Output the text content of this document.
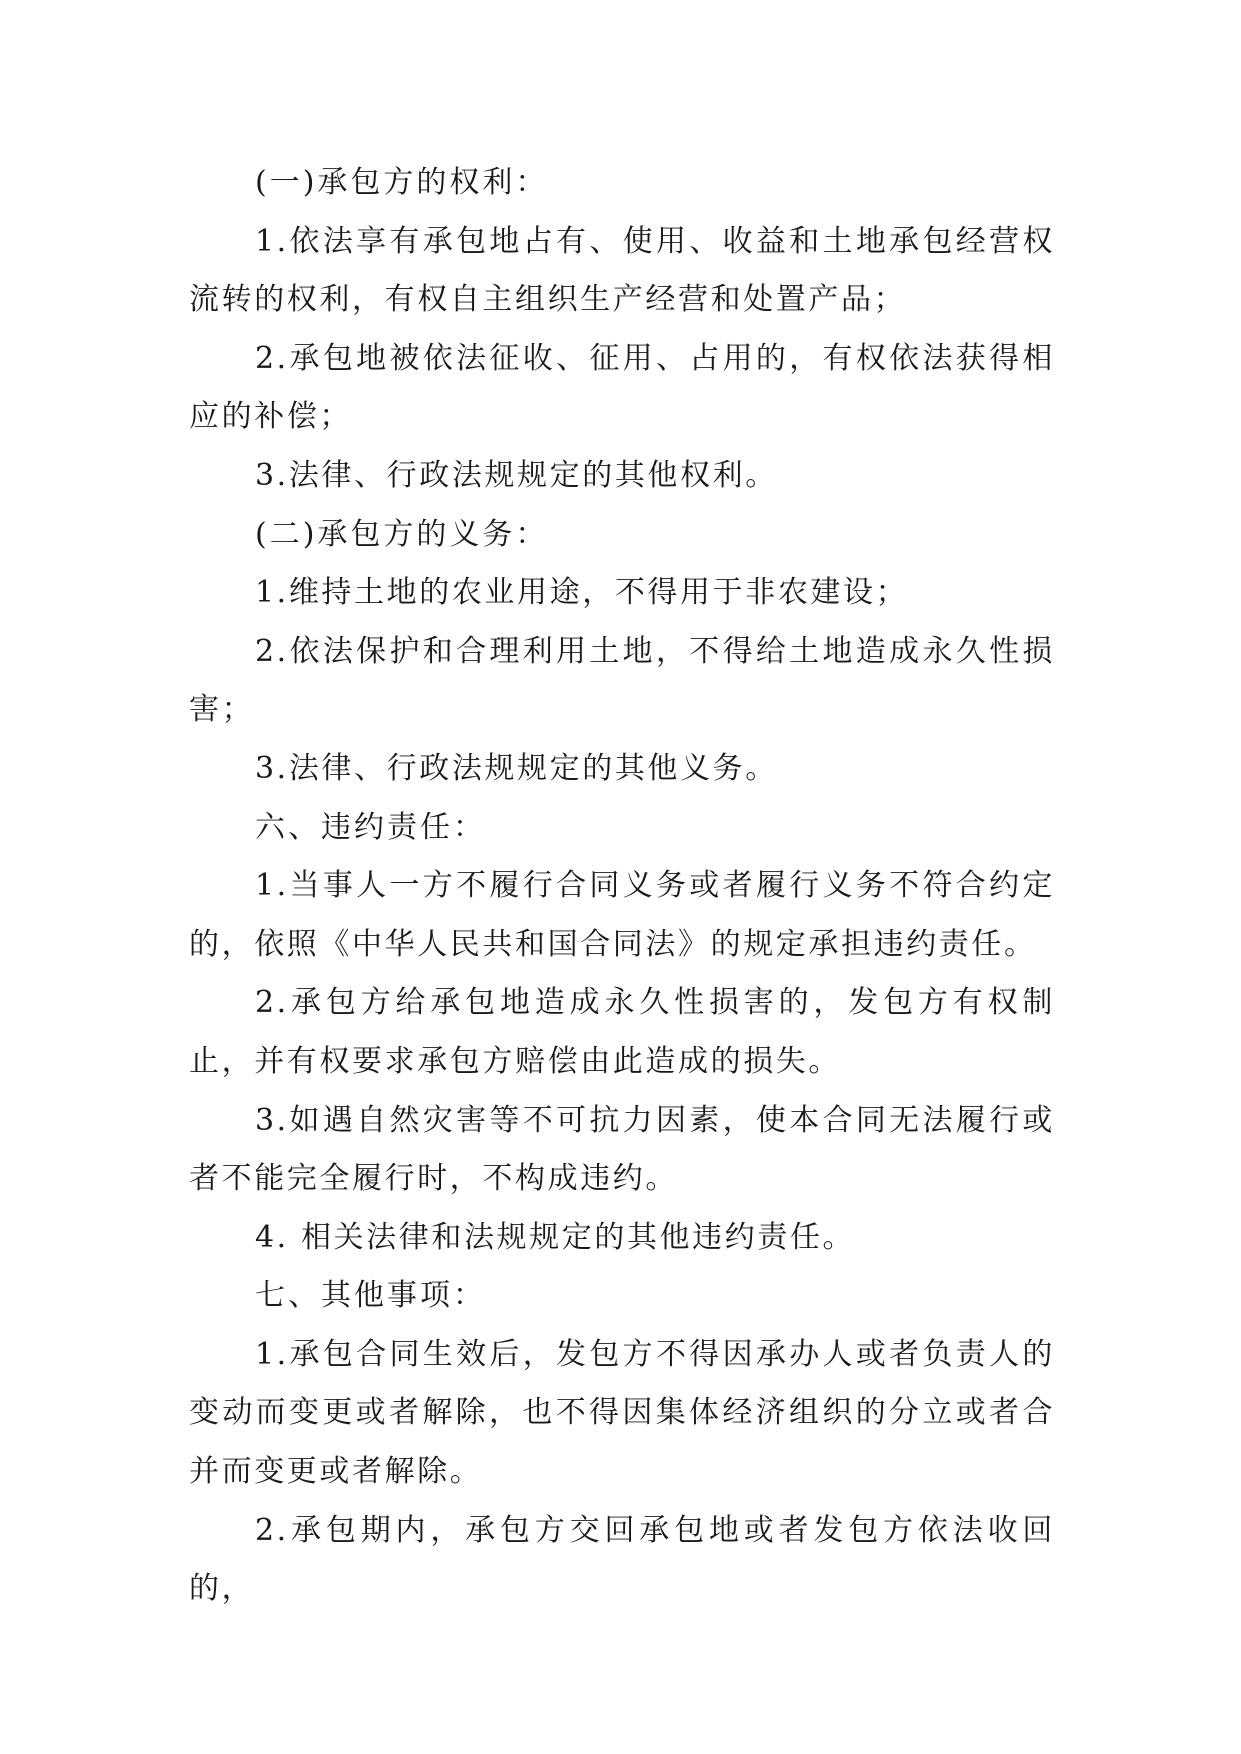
(一)承包方的权利：

1.依法享有承包地占有、使用、收益和土地承包经营权流转的权利，有权自主组织生产经营和处置产品；

2.承包地被依法征收、征用、占用的，有权依法获得相应的补偿；

3.法律、行政法规规定的其他权利。

(二)承包方的义务：

1.维持土地的农业用途，不得用于非农建设；

2.依法保护和合理利用土地，不得给土地造成永久性损害；

3.法律、行政法规规定的其他义务。

六、违约责任：

1.当事人一方不履行合同义务或者履行义务不符合约定的，依照《中华人民共和国合同法》的规定承担违约责任。

2.承包方给承包地造成永久性损害的，发包方有权制止，并有权要求承包方赔偿由此造成的损失。

3.如遇自然灾害等不可抗力因素，使本合同无法履行或者不能完全履行时，不构成违约。

4. 相关法律和法规规定的其他违约责任。

七、其他事项：

1.承包合同生效后，发包方不得因承办人或者负责人的变动而变更或者解除，也不得因集体经济组织的分立或者合并而变更或者解除。

2.承包期内，承包方交回承包地或者发包方依法收回的，
